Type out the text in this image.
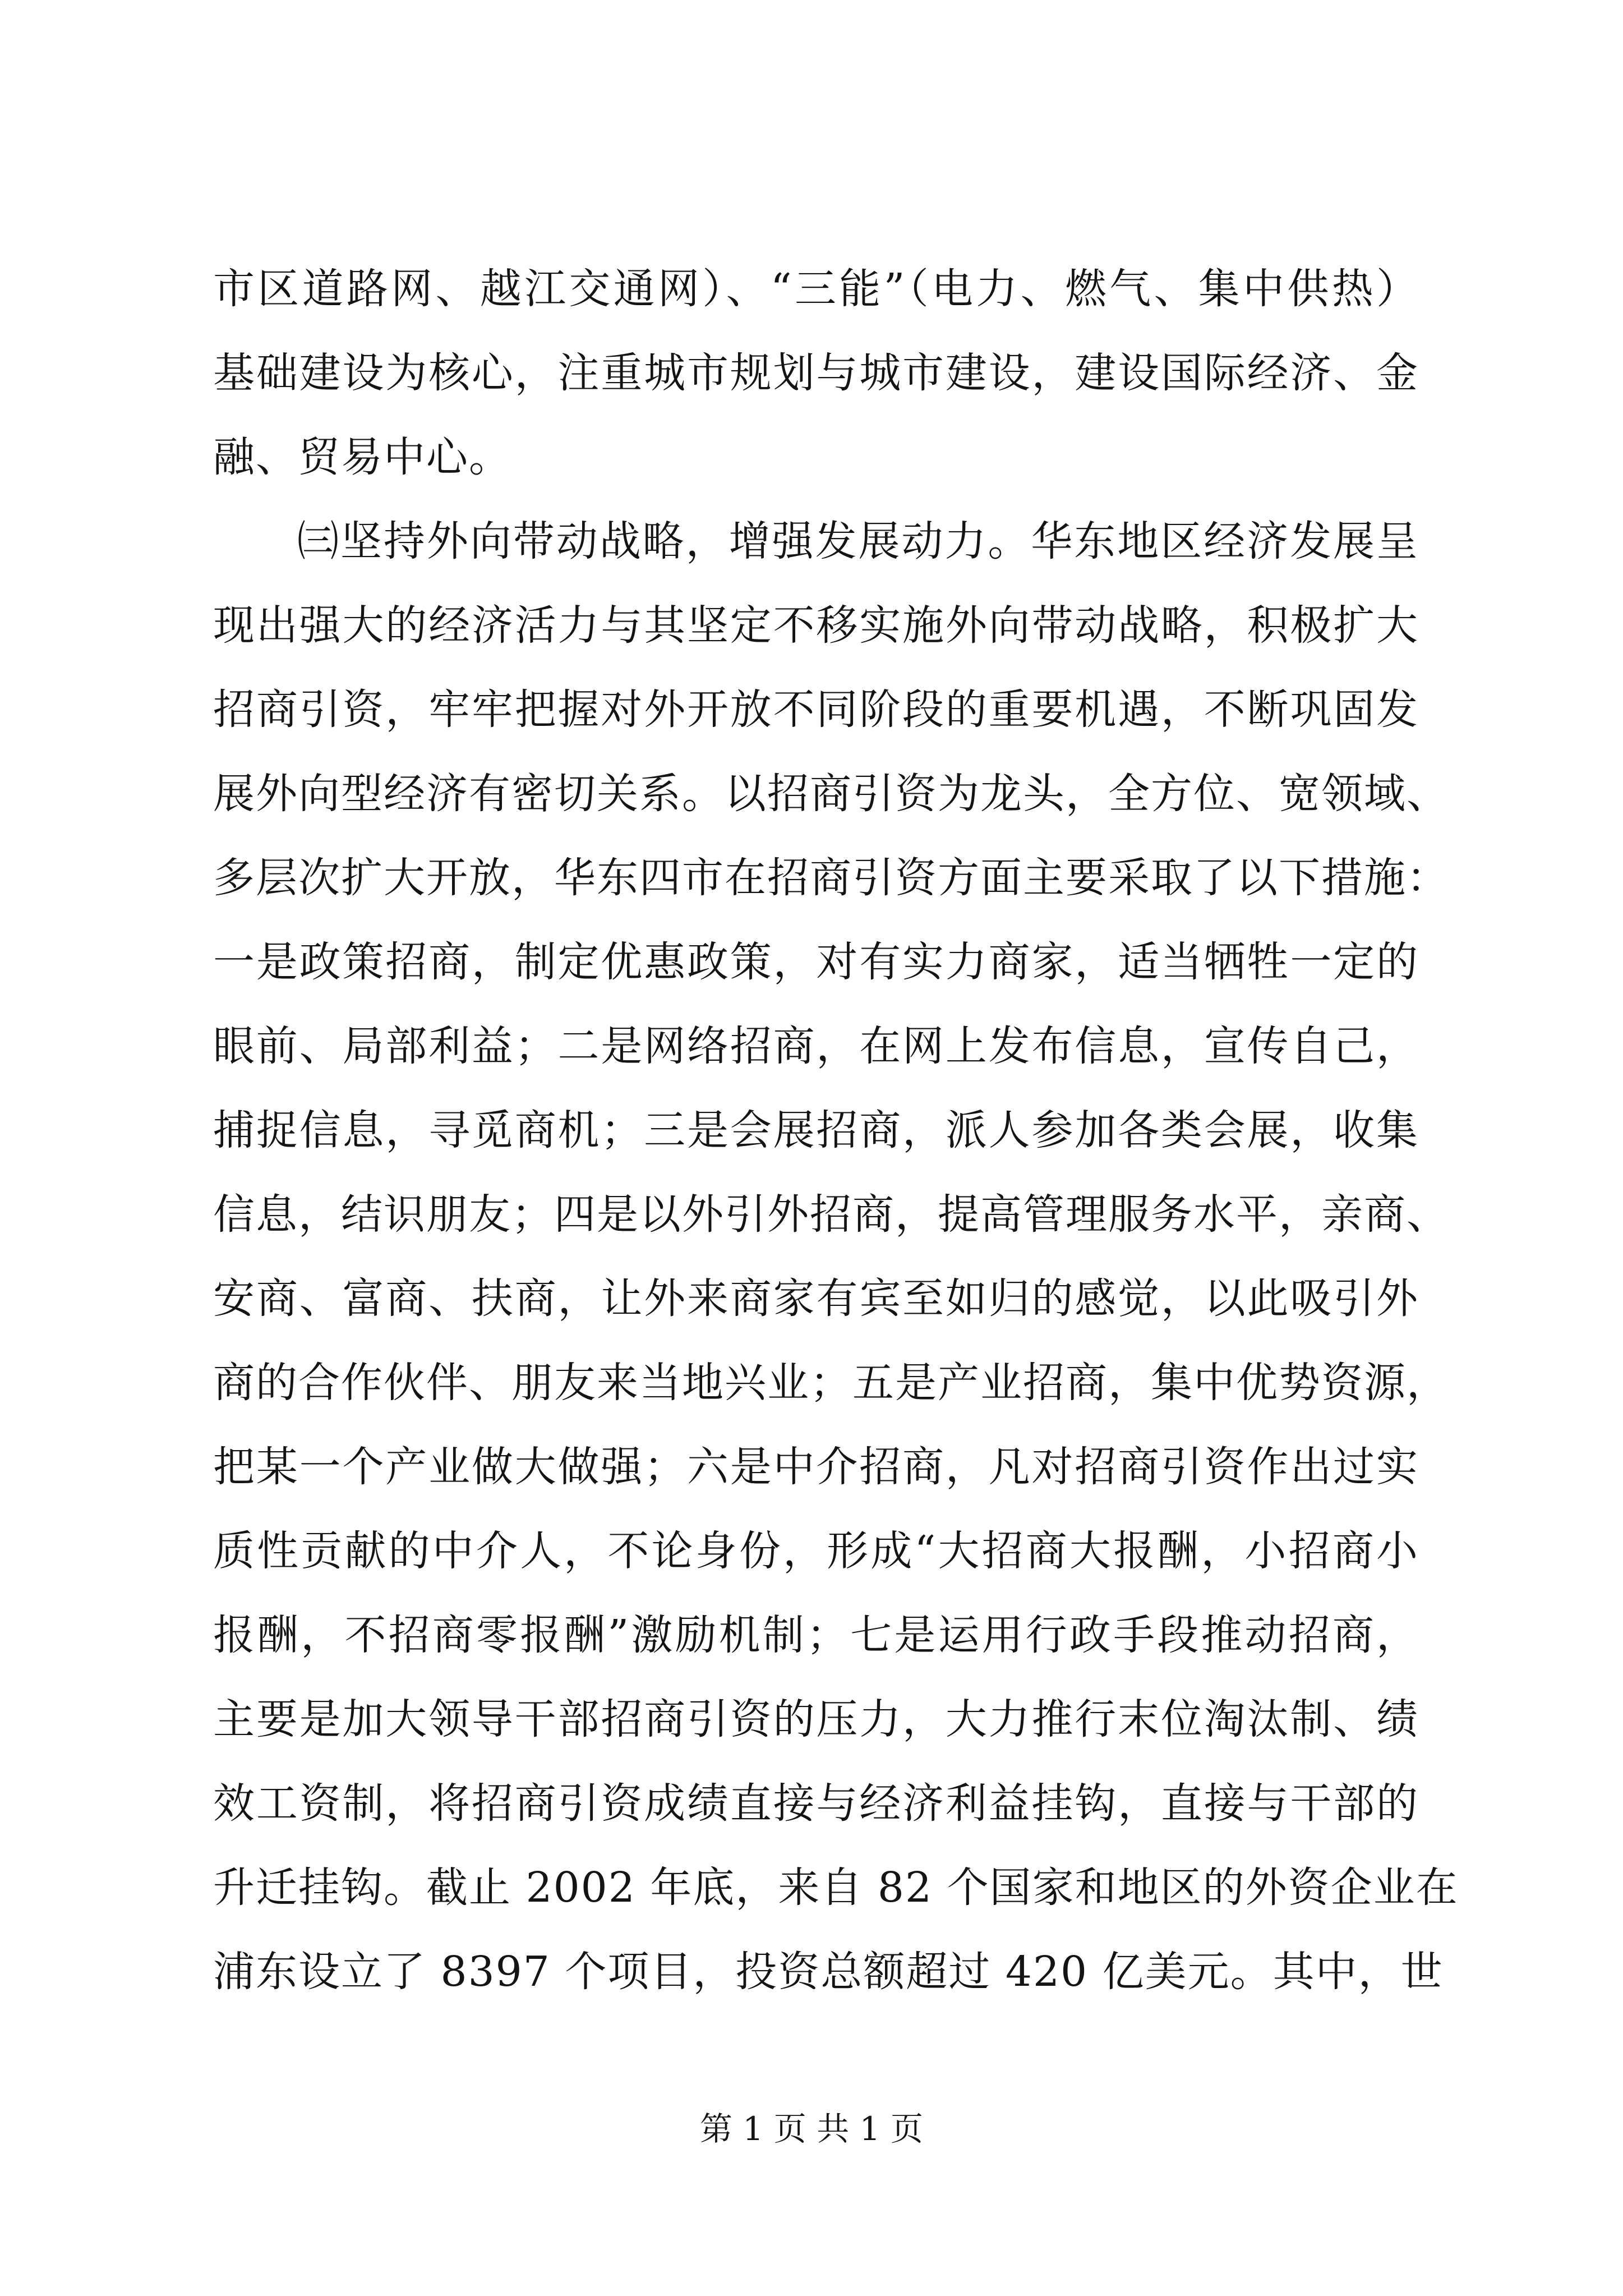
市区道路网、越江交通网）、“三能”（电力、燃气、集中供热）
基础建设为核心，注重城市规划与城市建设，建设国际经济、金
融、贸易中心。
㈢坚持外向带动战略，增强发展动力。华东地区经济发展呈
现出强大的经济活力与其坚定不移实施外向带动战略，积极扩大
招商引资，牢牢把握对外开放不同阶段的重要机遇，不断巩固发
展外向型经济有密切关系。以招商引资为龙头，全方位、宽领域、
多层次扩大开放，华东四市在招商引资方面主要采取了以下措施：
一是政策招商，制定优惠政策，对有实力商家，适当牺牲一定的
眼前、局部利益；二是网络招商，在网上发布信息，宣传自己，
捕捉信息，寻觅商机；三是会展招商，派人参加各类会展，收集
信息，结识朋友；四是以外引外招商，提高管理服务水平，亲商、
安商、富商、扶商，让外来商家有宾至如归的感觉，以此吸引外
商的合作伙伴、朋友来当地兴业；五是产业招商，集中优势资源，
把某一个产业做大做强；六是中介招商，凡对招商引资作出过实
质性贡献的中介人，不论身份，形成“大招商大报酬，小招商小
报酬，不招商零报酬”激励机制；七是运用行政手段推动招商，
主要是加大领导干部招商引资的压力，大力推行末位淘汰制、绩
效工资制，将招商引资成绩直接与经济利益挂钩，直接与干部的
升迁挂钩。截止 2002 年底，来自 82 个国家和地区的外资企业在
浦东设立了 8397 个项目，投资总额超过 420 亿美元。其中，世
第 1 页 共 1 页
